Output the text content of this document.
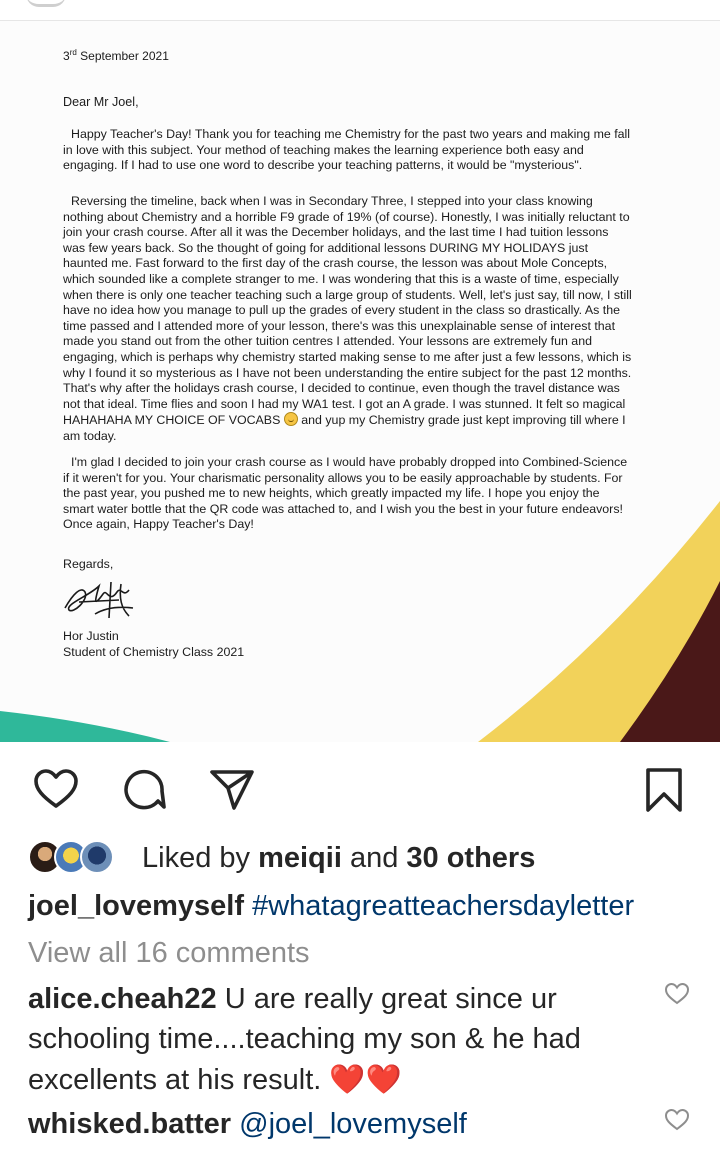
3rd September 2021
Dear Mr Joel,

Happy Teacher's Day! Thank you for teaching me Chemistry for the past two years and making me fall in love with this subject. Your method of teaching makes the learning experience both easy and engaging. If I had to use one word to describe your teaching patterns, it would be "mysterious".

Reversing the timeline, back when I was in Secondary Three, I stepped into your class knowing nothing about Chemistry and a horrible F9 grade of 19% (of course). Honestly, I was initially reluctant to join your crash course. After all it was the December holidays, and the last time I had tuition lessons was few years back. So the thought of going for additional lessons DURING MY HOLIDAYS just haunted me. Fast forward to the first day of the crash course, the lesson was about Mole Concepts, which sounded like a complete stranger to me. I was wondering that this is a waste of time, especially when there is only one teacher teaching such a large group of students. Well, let's just say, till now, I still have no idea how you manage to pull up the grades of every student in the class so drastically. As the time passed and I attended more of your lesson, there's was this unexplainable sense of interest that made you stand out from the other tuition centres I attended. Your lessons are extremely fun and engaging, which is perhaps why chemistry started making sense to me after just a few lessons, which is why I found it so mysterious as I have not been understanding the entire subject for the past 12 months. That's why after the holidays crash course, I decided to continue, even though the travel distance was not that ideal. Time flies and soon I had my WA1 test. I got an A grade. I was stunned. It felt so magical HAHAHAHA MY CHOICE OF VOCABS  and yup my Chemistry grade just kept improving till where I am today.

I'm glad I decided to join your crash course as I would have probably dropped into Combined-Science if it weren't for you. Your charismatic personality allows you to be easily approachable by students. For the past year, you pushed me to new heights, which greatly impacted my life. I hope you enjoy the smart water bottle that the QR code was attached to, and I wish you the best in your future endeavors! Once again, Happy Teacher's Day!

Regards,
Hor Justin
Student of Chemistry Class 2021
Liked by meiqii and 30 others
joel_lovemyself #whatagreatteachersdayletter
View all 16 comments
alice.cheah22 U are really great since ur
schooling time....teaching my son & he had
excellents at his result. ❤️❤️
whisked.batter @joel_lovemyself
